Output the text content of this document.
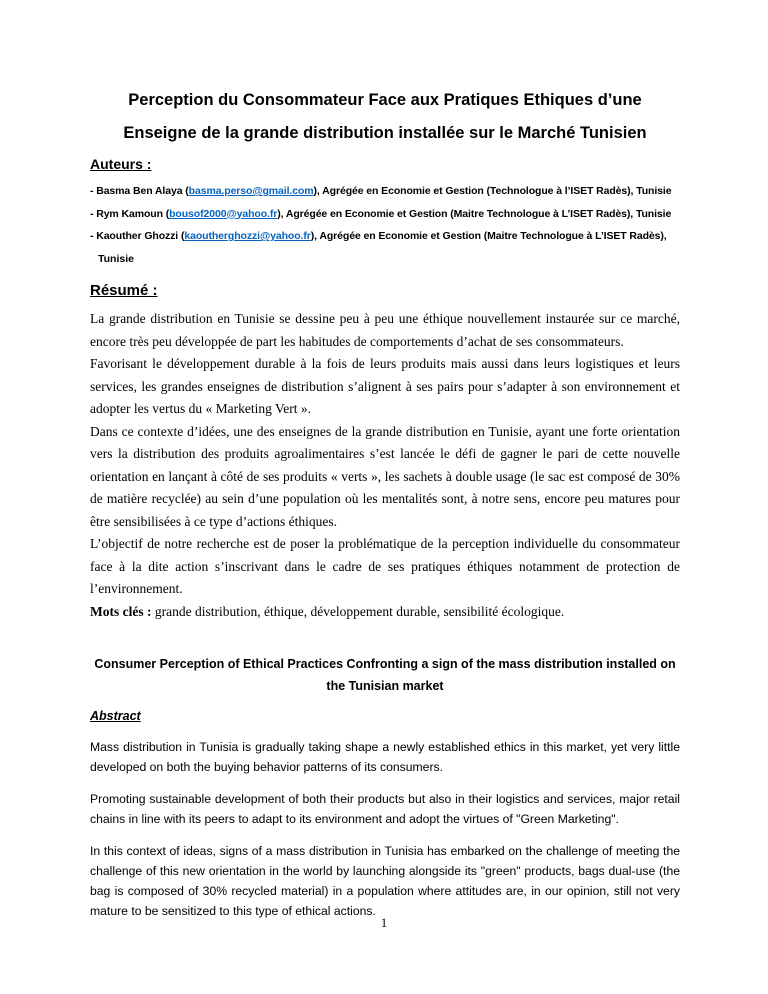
Perception du Consommateur Face aux Pratiques Ethiques d’une
Enseigne de la grande distribution installée sur le Marché Tunisien
Auteurs :

- Basma Ben Alaya (basma.perso@gmail.com), Agrégée en Economie et Gestion (Technologue à l’ISET Radès), Tunisie

- Rym Kamoun (bousof2000@yahoo.fr), Agrégée en Economie et Gestion (Maitre Technologue à L’ISET Radès), Tunisie

- Kaouther Ghozzi (kaoutherghozzi@yahoo.fr), Agrégée en Economie et Gestion (Maitre Technologue à L’ISET Radès),

Tunisie

Résumé :

La grande distribution en Tunisie se dessine peu à peu une éthique nouvellement instaurée sur ce marché, encore très peu développée de part les habitudes de comportements d’achat de ses consommateurs.

Favorisant le développement durable à la fois de leurs produits mais aussi dans leurs logistiques et leurs services, les grandes enseignes de distribution s’alignent à ses pairs pour s’adapter à son environnement et adopter les vertus du « Marketing Vert ».

Dans ce contexte d’idées, une des enseignes de la grande distribution en Tunisie, ayant une forte orientation vers la distribution des produits agroalimentaires s’est lancée le défi de gagner le pari de cette nouvelle orientation en lançant à côté de ses produits « verts », les sachets à double usage (le sac est composé de 30% de matière recyclée) au sein d’une population où les mentalités sont, à notre sens, encore peu matures pour être sensibilisées à ce type d’actions éthiques.

L’objectif de notre recherche est de poser la problématique de la perception individuelle du consommateur face à la dite action s’inscrivant dans le cadre de ses pratiques éthiques notamment de protection de l’environnement.

Mots clés : grande distribution, éthique, développement durable, sensibilité écologique.

Consumer Perception of Ethical Practices Confronting a sign of the mass distribution installed on the Tunisian market
Abstract

Mass distribution in Tunisia is gradually taking shape a newly established ethics in this market, yet very little developed on both the buying behavior patterns of its consumers.

Promoting sustainable development of both their products but also in their logistics and services, major retail chains in line with its peers to adapt to its environment and adopt the virtues of "Green Marketing".

In this context of ideas, signs of a mass distribution in Tunisia has embarked on the challenge of meeting the challenge of this new orientation in the world by launching alongside its "green" products, bags dual-use (the bag is composed of 30% recycled material) in a population where attitudes are, in our opinion, still not very mature to be sensitized to this type of ethical actions.

1
